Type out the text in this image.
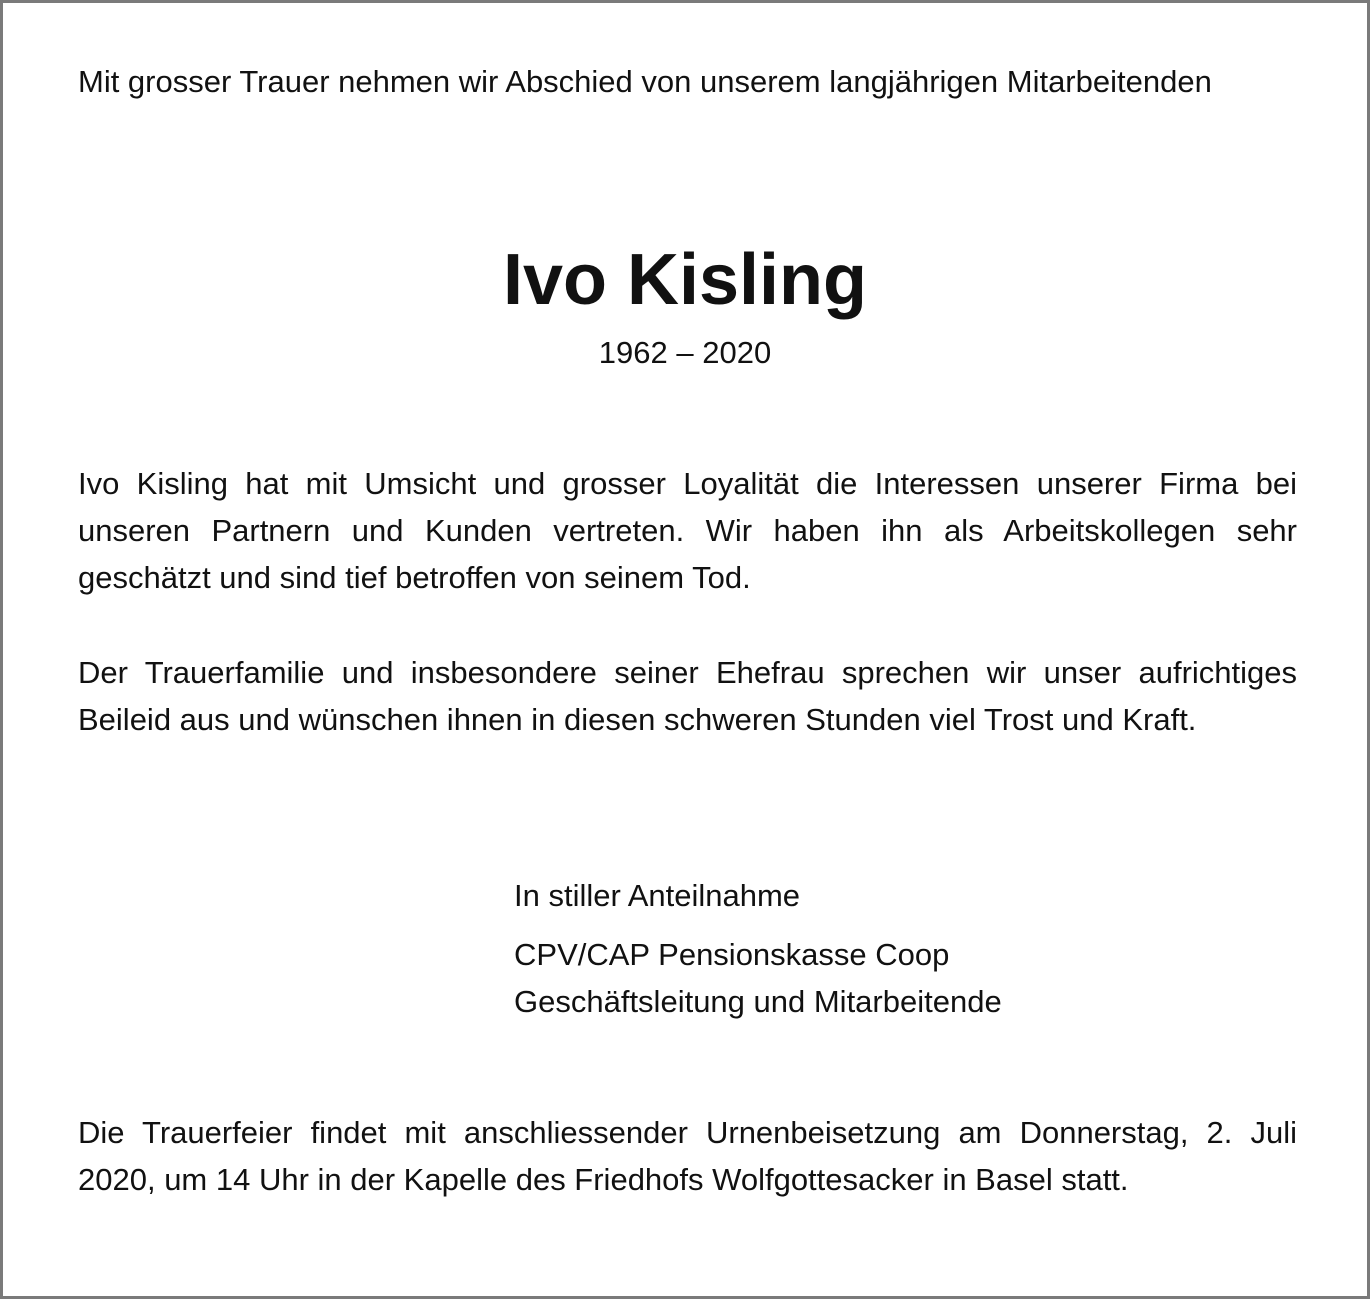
Mit grosser Trauer nehmen wir Abschied von unserem langjährigen Mitarbeitenden

Ivo Kisling

1962 – 2020

Ivo Kisling hat mit Umsicht und grosser Loyalität die Interessen unserer Firma bei unseren Partnern und Kunden vertreten. Wir haben ihn als Arbeitskollegen sehr geschätzt und sind tief betroffen von seinem Tod.

Der Trauerfamilie und insbesondere seiner Ehefrau sprechen wir unser aufrichtiges Beileid aus und wünschen ihnen in diesen schweren Stunden viel Trost und Kraft.

In stiller Anteilnahme

CPV/CAP Pensionskasse Coop

Geschäftsleitung und Mitarbeitende

Die Trauerfeier findet mit anschliessender Urnenbeisetzung am Donnerstag, 2. Juli 2020, um 14 Uhr in der Kapelle des Friedhofs Wolfgottesacker in Basel statt.
